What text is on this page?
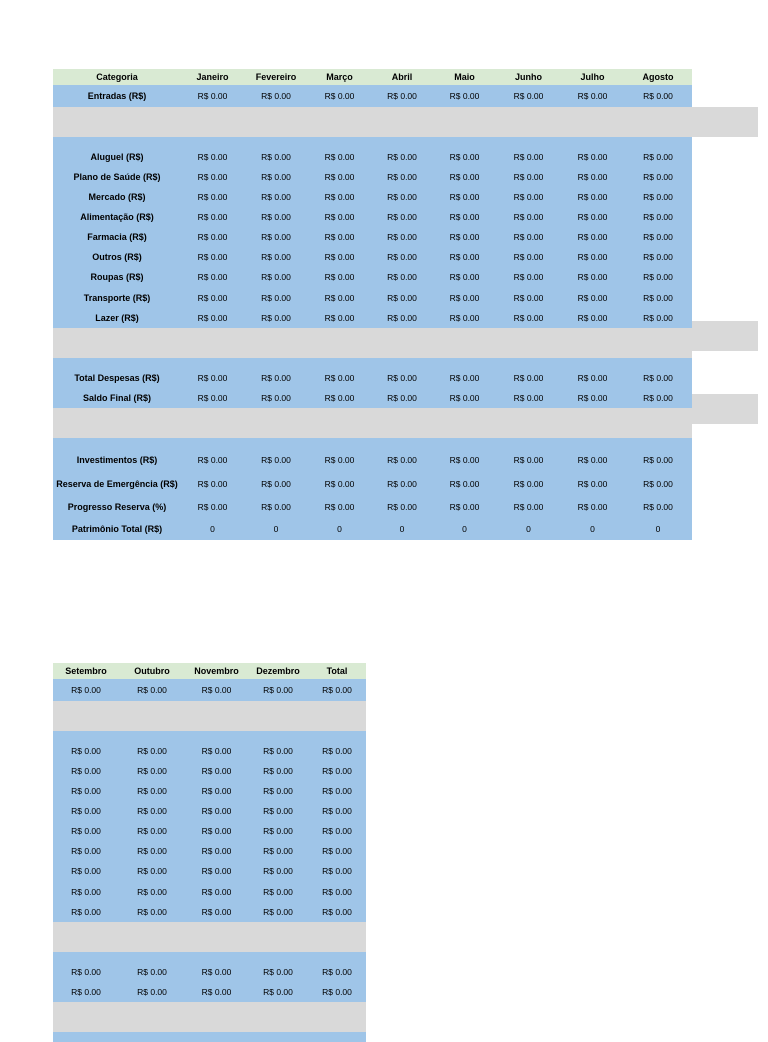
Categoria	Janeiro	Fevereiro	Março	Abril	Maio	Junho	Julho	Agosto
Entradas (R$)	R$ 0.00	R$ 0.00	R$ 0.00	R$ 0.00	R$ 0.00	R$ 0.00	R$ 0.00	R$ 0.00

Aluguel (R$)	R$ 0.00	R$ 0.00	R$ 0.00	R$ 0.00	R$ 0.00	R$ 0.00	R$ 0.00	R$ 0.00
Plano de Saúde (R$)	R$ 0.00	R$ 0.00	R$ 0.00	R$ 0.00	R$ 0.00	R$ 0.00	R$ 0.00	R$ 0.00
Mercado (R$)	R$ 0.00	R$ 0.00	R$ 0.00	R$ 0.00	R$ 0.00	R$ 0.00	R$ 0.00	R$ 0.00
Alimentação (R$)	R$ 0.00	R$ 0.00	R$ 0.00	R$ 0.00	R$ 0.00	R$ 0.00	R$ 0.00	R$ 0.00
Farmacia (R$)	R$ 0.00	R$ 0.00	R$ 0.00	R$ 0.00	R$ 0.00	R$ 0.00	R$ 0.00	R$ 0.00
Outros (R$)	R$ 0.00	R$ 0.00	R$ 0.00	R$ 0.00	R$ 0.00	R$ 0.00	R$ 0.00	R$ 0.00
Roupas (R$)	R$ 0.00	R$ 0.00	R$ 0.00	R$ 0.00	R$ 0.00	R$ 0.00	R$ 0.00	R$ 0.00
Transporte (R$)	R$ 0.00	R$ 0.00	R$ 0.00	R$ 0.00	R$ 0.00	R$ 0.00	R$ 0.00	R$ 0.00
Lazer (R$)	R$ 0.00	R$ 0.00	R$ 0.00	R$ 0.00	R$ 0.00	R$ 0.00	R$ 0.00	R$ 0.00

Total Despesas (R$)	R$ 0.00	R$ 0.00	R$ 0.00	R$ 0.00	R$ 0.00	R$ 0.00	R$ 0.00	R$ 0.00
Saldo Final (R$)	R$ 0.00	R$ 0.00	R$ 0.00	R$ 0.00	R$ 0.00	R$ 0.00	R$ 0.00	R$ 0.00

Investimentos (R$)	R$ 0.00	R$ 0.00	R$ 0.00	R$ 0.00	R$ 0.00	R$ 0.00	R$ 0.00	R$ 0.00
Reserva de Emergência (R$)	R$ 0.00	R$ 0.00	R$ 0.00	R$ 0.00	R$ 0.00	R$ 0.00	R$ 0.00	R$ 0.00
Progresso Reserva (%)	R$ 0.00	R$ 0.00	R$ 0.00	R$ 0.00	R$ 0.00	R$ 0.00	R$ 0.00	R$ 0.00
Patrimônio Total (R$)	0	0	0	0	0	0	0	0
Setembro	Outubro	Novembro	Dezembro	Total
R$ 0.00	R$ 0.00	R$ 0.00	R$ 0.00	R$ 0.00

R$ 0.00	R$ 0.00	R$ 0.00	R$ 0.00	R$ 0.00
R$ 0.00	R$ 0.00	R$ 0.00	R$ 0.00	R$ 0.00
R$ 0.00	R$ 0.00	R$ 0.00	R$ 0.00	R$ 0.00
R$ 0.00	R$ 0.00	R$ 0.00	R$ 0.00	R$ 0.00
R$ 0.00	R$ 0.00	R$ 0.00	R$ 0.00	R$ 0.00
R$ 0.00	R$ 0.00	R$ 0.00	R$ 0.00	R$ 0.00
R$ 0.00	R$ 0.00	R$ 0.00	R$ 0.00	R$ 0.00
R$ 0.00	R$ 0.00	R$ 0.00	R$ 0.00	R$ 0.00
R$ 0.00	R$ 0.00	R$ 0.00	R$ 0.00	R$ 0.00

R$ 0.00	R$ 0.00	R$ 0.00	R$ 0.00	R$ 0.00
R$ 0.00	R$ 0.00	R$ 0.00	R$ 0.00	R$ 0.00
